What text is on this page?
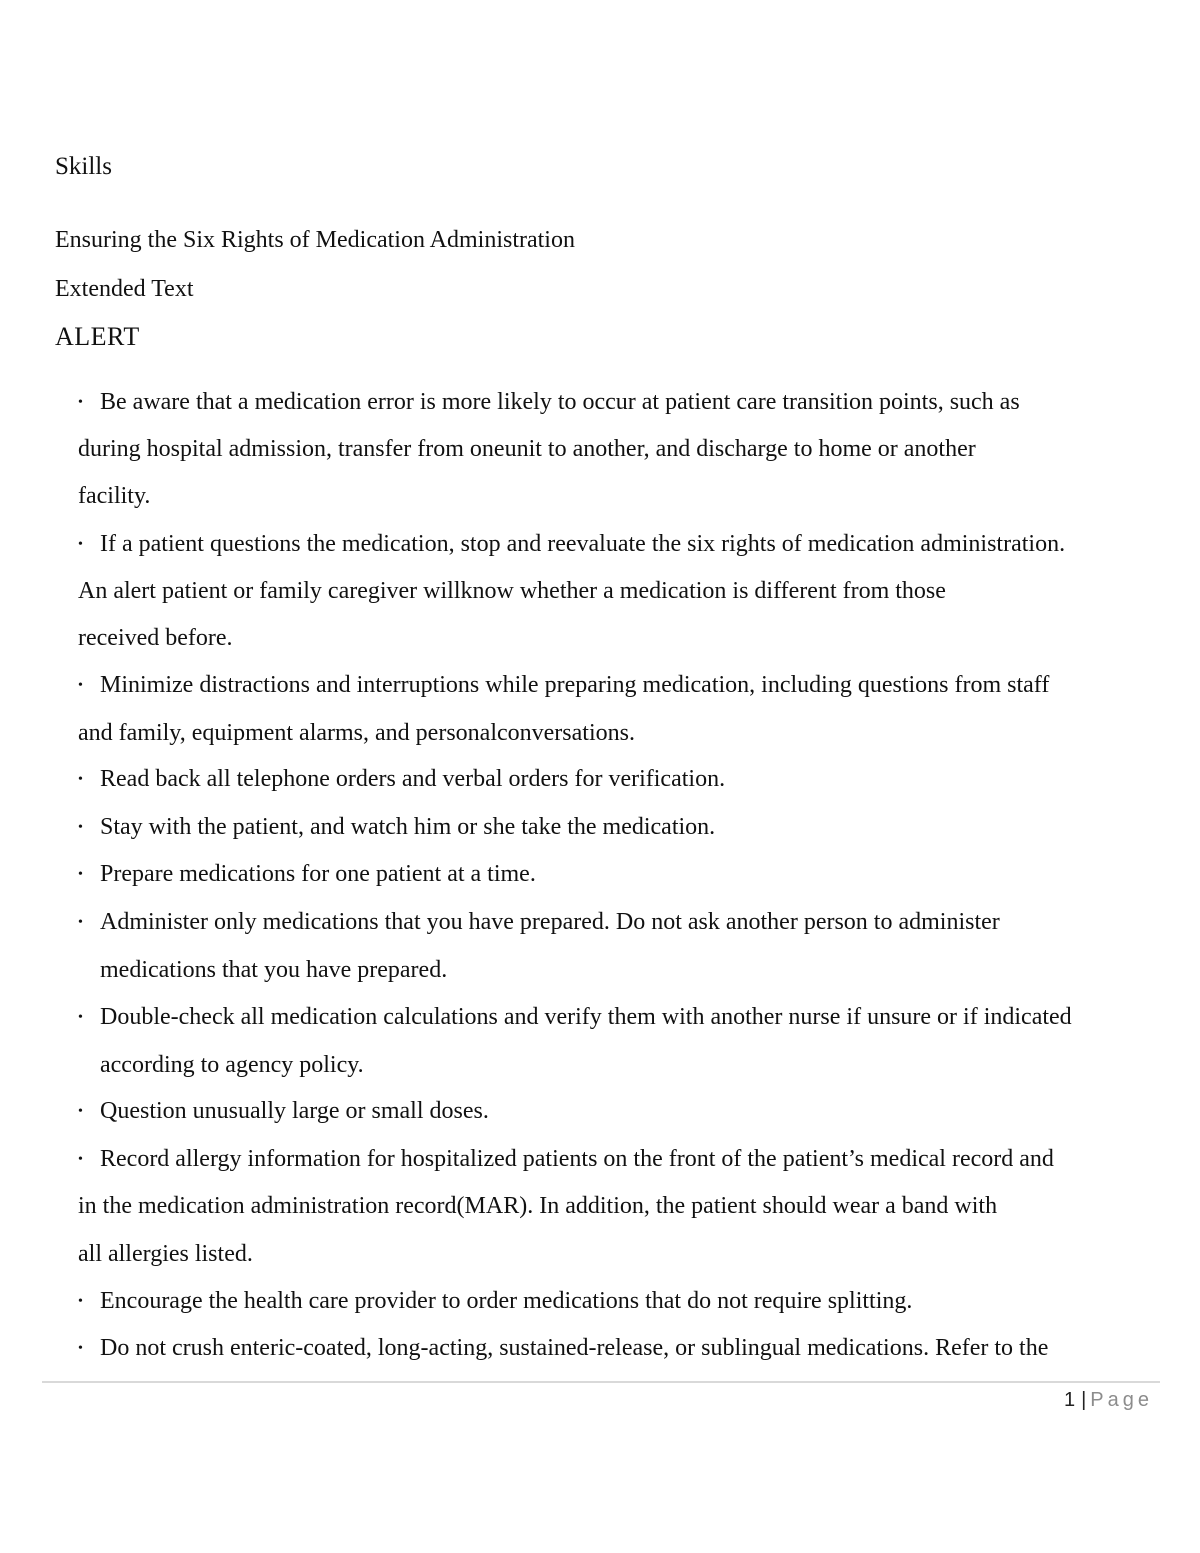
Skills
Ensuring the Six Rights of Medication Administration
Extended Text
ALERT
• Be aware that a medication error is more likely to occur at patient care transition points, such as
during hospital admission, transfer from oneunit to another, and discharge to home or another
facility.
• If a patient questions the medication, stop and reevaluate the six rights of medication administration.
An alert patient or family caregiver willknow whether a medication is different from those
received before.
• Minimize distractions and interruptions while preparing medication, including questions from staff
and family, equipment alarms, and personalconversations.
• Read back all telephone orders and verbal orders for verification.
• Stay with the patient, and watch him or she take the medication.
• Prepare medications for one patient at a time.
• Administer only medications that you have prepared. Do not ask another person to administer
medications that you have prepared.
• Double-check all medication calculations and verify them with another nurse if unsure or if indicated
according to agency policy.
• Question unusually large or small doses.
• Record allergy information for hospitalized patients on the front of the patient’s medical record and
in the medication administration record(MAR). In addition, the patient should wear a band with
all allergies listed.
• Encourage the health care provider to order medications that do not require splitting.
• Do not crush enteric-coated, long-acting, sustained-release, or sublingual medications. Refer to the
1 | Page
